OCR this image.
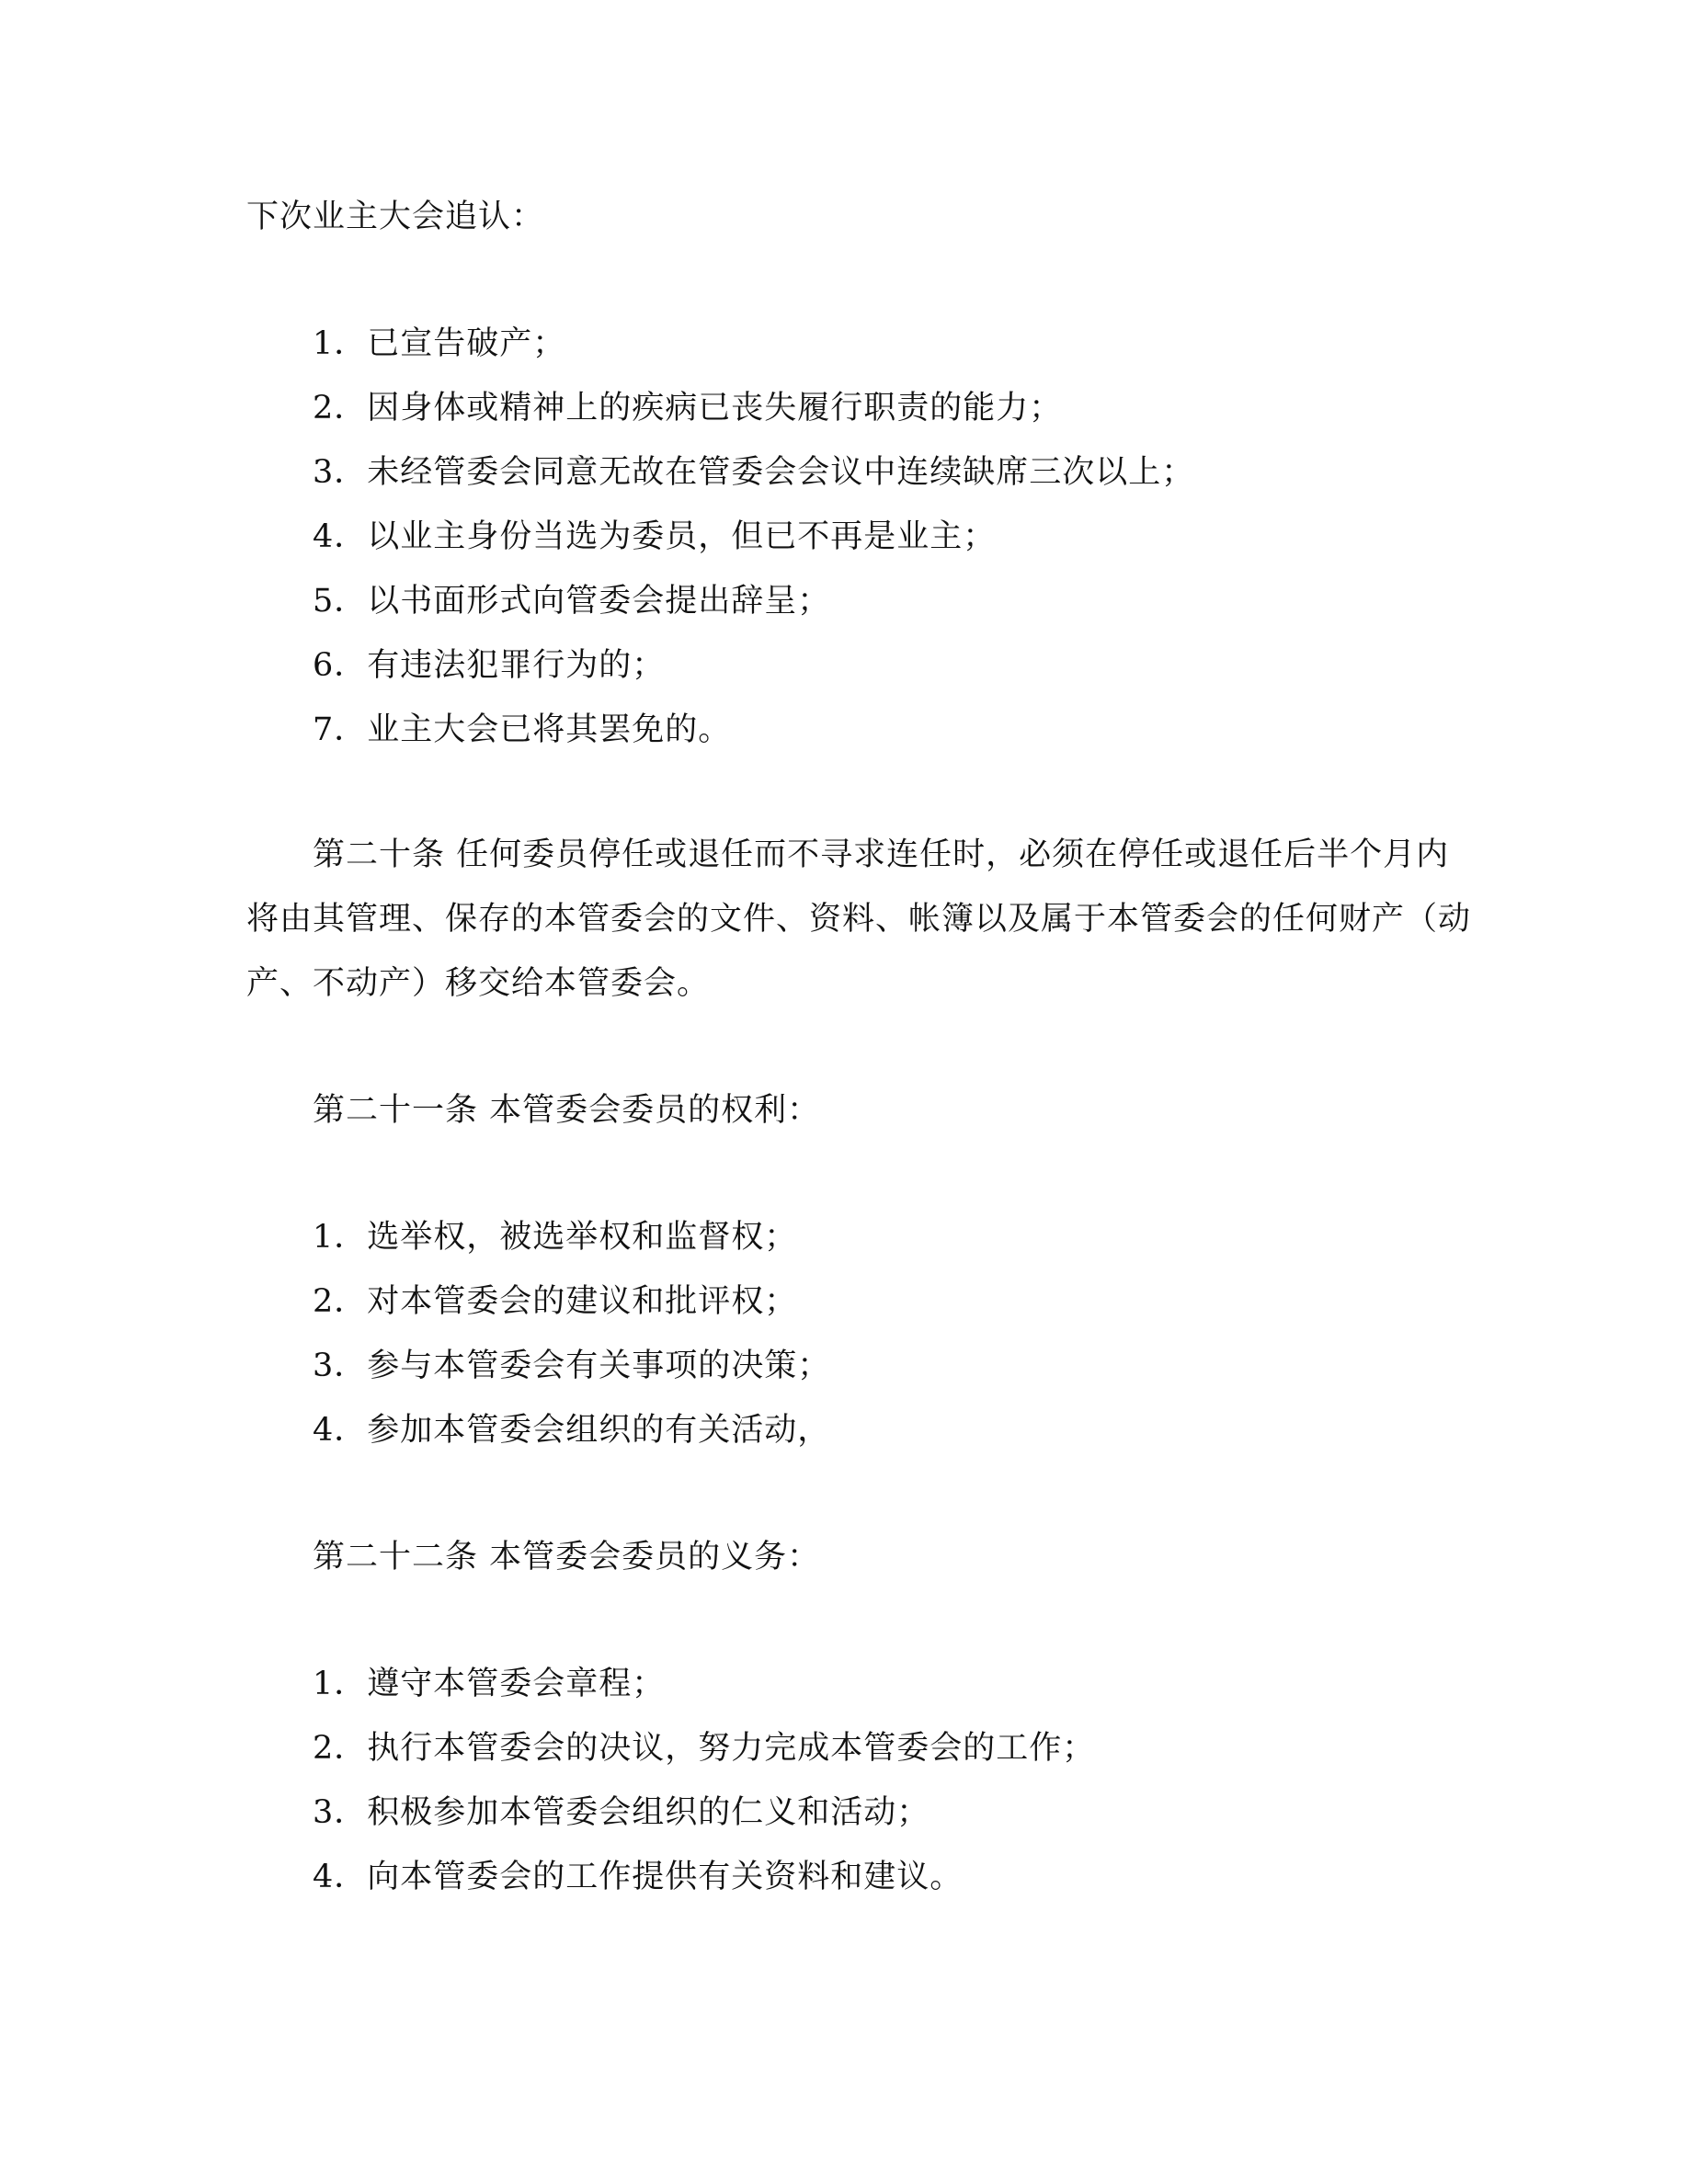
下次业主大会追认：
1．已宣告破产；
2．因身体或精神上的疾病已丧失履行职责的能力；
3．未经管委会同意无故在管委会会议中连续缺席三次以上；
4．以业主身份当选为委员，但已不再是业主；
5．以书面形式向管委会提出辞呈；
6．有违法犯罪行为的；
7．业主大会已将其罢免的。
第二十条 任何委员停任或退任而不寻求连任时，必须在停任或退任后半个月内
将由其管理、保存的本管委会的文件、资料、帐簿以及属于本管委会的任何财产（动
产、不动产）移交给本管委会。
第二十一条 本管委会委员的权利：
1．选举权，被选举权和监督权；
2．对本管委会的建议和批评权；
3．参与本管委会有关事项的决策；
4．参加本管委会组织的有关活动，
第二十二条 本管委会委员的义务：
1．遵守本管委会章程；
2．执行本管委会的决议，努力完成本管委会的工作；
3．积极参加本管委会组织的仁义和活动；
4．向本管委会的工作提供有关资料和建议。
